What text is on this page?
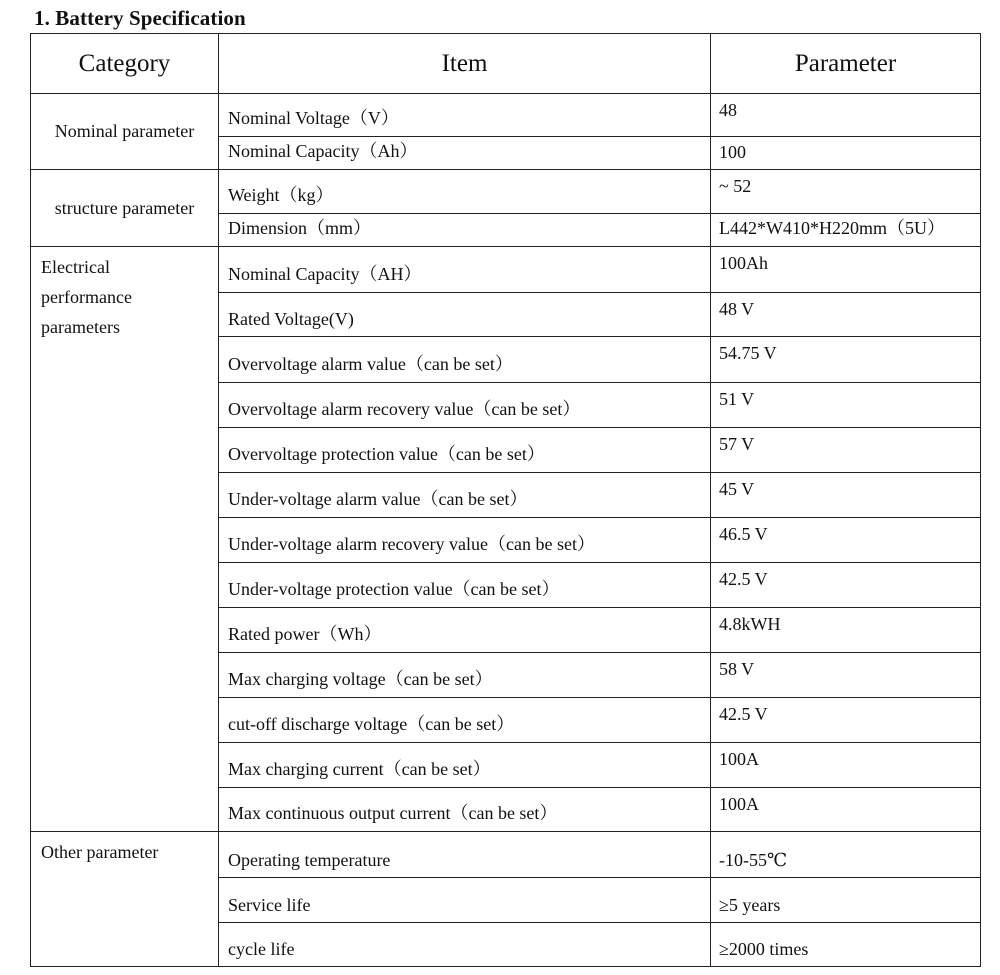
1. Battery Specification
Category	Item	Parameter
Nominal parameter	Nominal Voltage（V）	48
	Nominal Capacity（Ah）	100
structure parameter	Weight（kg）	~ 52
	Dimension（mm）	L442*W410*H220mm（5U）

Electrical
performance
parameters	Nominal Capacity（AH）	100Ah
	Rated Voltage(V)	48 V
	Overvoltage alarm value（can be set）	54.75 V
	Overvoltage alarm recovery value（can be set）	51 V
	Overvoltage protection value（can be set）	57 V
	Under-voltage alarm value（can be set）	45 V
	Under-voltage alarm recovery value（can be set）	46.5 V
	Under-voltage protection value（can be set）	42.5 V
	Rated power（Wh）	4.8kWH
	Max charging voltage（can be set）	58 V
	cut-off discharge voltage（can be set）	42.5 V
	Max charging current（can be set）	100A
	Max continuous output current（can be set）	100A
Other parameter	Operating temperature	-10-55℃
	Service life	≥5 years
	cycle life	≥2000 times
